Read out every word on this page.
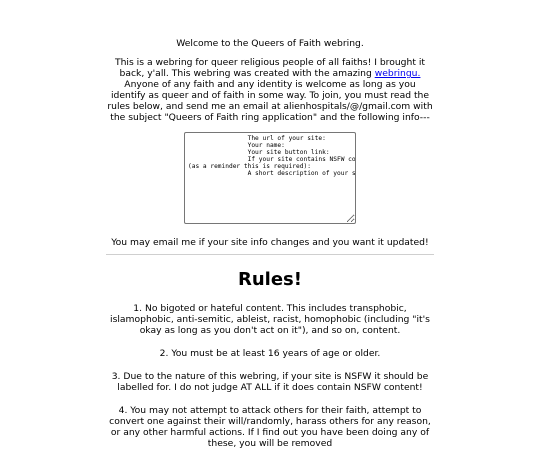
Welcome to the Queers of Faith webring.

This is a webring for queer religious people of all faiths! I brought it back, y'all. This webring was created with the amazing webringu. Anyone of any faith and any identity is welcome as long as you identify as queer and of faith in some way. To join, you must read the rules below, and send me an email at alienhospitals/@/gmail.com with the subject "Queers of Faith ring application" and the following info---

The url of your site: Your name: Your site button link: If your site contains NSFW content (as a reminder this is required): A short description of your site:

You may email me if your site info changes and you want it updated!

Rules!

1. No bigoted or hateful content. This includes transphobic, islamophobic, anti-semitic, ableist, racist, homophobic (including "it's okay as long as you don't act on it"), and so on, content.

2. You must be at least 16 years of age or older.

3. Due to the nature of this webring, if your site is NSFW it should be labelled for. I do not judge AT ALL if it does contain NSFW content!

4. You may not attempt to attack others for their faith, attempt to convert one against their will/randomly, harass others for any reason, or any other harmful actions. If I find out you have been doing any of these, you will be removed
